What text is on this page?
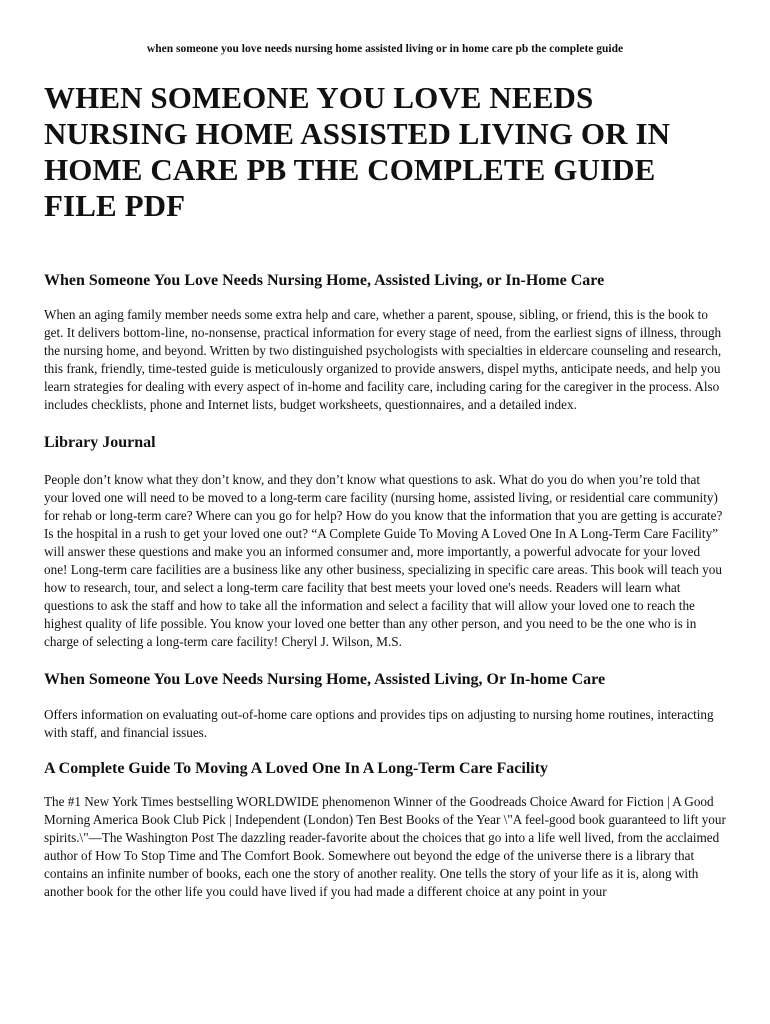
when someone you love needs nursing home assisted living or in home care pb the complete guide
WHEN SOMEONE YOU LOVE NEEDS
NURSING HOME ASSISTED LIVING OR IN
HOME CARE PB THE COMPLETE GUIDE
FILE PDF
When Someone You Love Needs Nursing Home, Assisted Living, or In-Home Care

When an aging family member needs some extra help and care, whether a parent, spouse, sibling, or friend, this is the book to get. It delivers bottom-line, no-nonsense, practical information for every stage of need, from the earliest signs of illness, through the nursing home, and beyond. Written by two distinguished psychologists with specialties in eldercare counseling and research, this frank, friendly, time-tested guide is meticulously organized to provide answers, dispel myths, anticipate needs, and help you learn strategies for dealing with every aspect of in-home and facility care, including caring for the caregiver in the process. Also includes checklists, phone and Internet lists, budget worksheets, questionnaires, and a detailed index.

Library Journal

People don’t know what they don’t know, and they don’t know what questions to ask. What do you do when you’re told that your loved one will need to be moved to a long-term care facility (nursing home, assisted living, or residential care community) for rehab or long-term care? Where can you go for help? How do you know that the information that you are getting is accurate? Is the hospital in a rush to get your loved one out? “A Complete Guide To Moving A Loved One In A Long-Term Care Facility” will answer these questions and make you an informed consumer and, more importantly, a powerful advocate for your loved one! Long-term care facilities are a business like any other business, specializing in specific care areas. This book will teach you how to research, tour, and select a long-term care facility that best meets your loved one's needs. Readers will learn what questions to ask the staff and how to take all the information and select a facility that will allow your loved one to reach the highest quality of life possible. You know your loved one better than any other person, and you need to be the one who is in charge of selecting a long-term care facility! Cheryl J. Wilson, M.S.

When Someone You Love Needs Nursing Home, Assisted Living, Or In-home Care

Offers information on evaluating out-of-home care options and provides tips on adjusting to nursing home routines, interacting with staff, and financial issues.

A Complete Guide To Moving A Loved One In A Long-Term Care Facility

The #1 New York Times bestselling WORLDWIDE phenomenon Winner of the Goodreads Choice Award for Fiction | A Good Morning America Book Club Pick | Independent (London) Ten Best Books of the Year \"A feel-good book guaranteed to lift your spirits.\"—The Washington Post The dazzling reader-favorite about the choices that go into a life well lived, from the acclaimed author of How To Stop Time and The Comfort Book. Somewhere out beyond the edge of the universe there is a library that contains an infinite number of books, each one the story of another reality. One tells the story of your life as it is, along with another book for the other life you could have lived if you had made a different choice at any point in your
